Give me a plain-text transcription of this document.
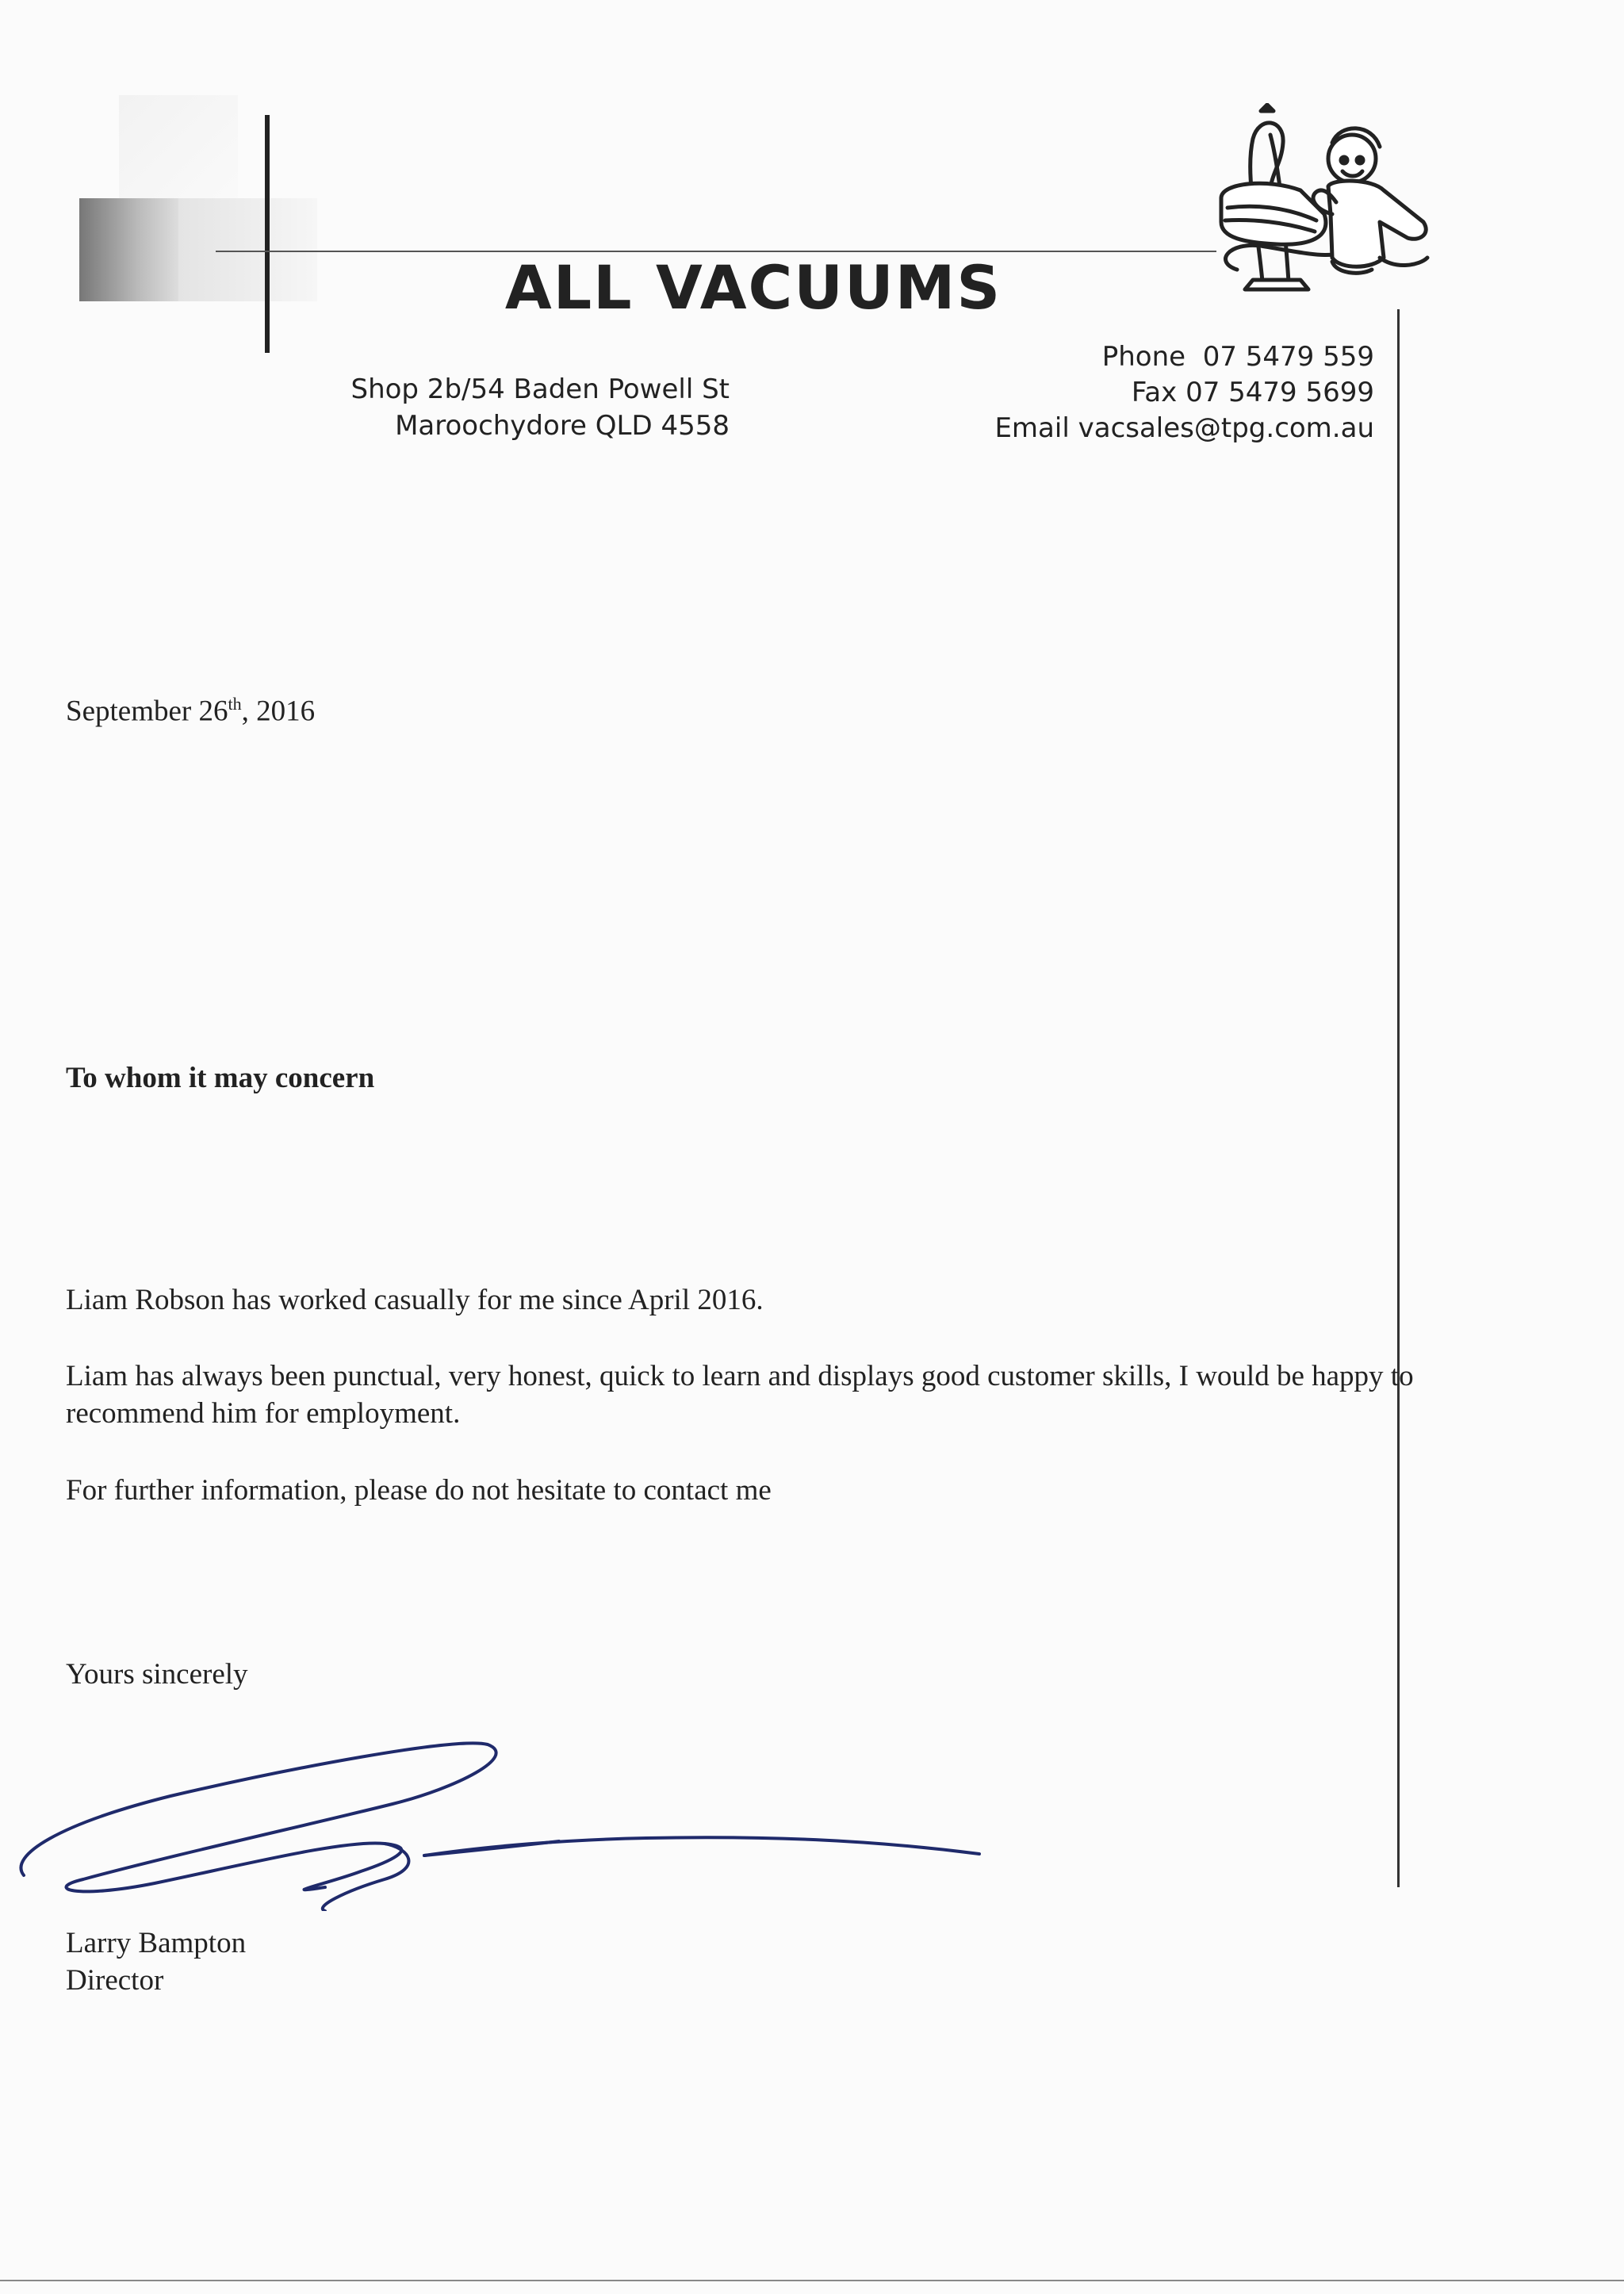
ALL VACUUMS
Shop 2b/54 Baden Powell St
Maroochydore QLD 4558
Phone 07 5479 559
Fax 07 5479 5699
Email vacsales@tpg.com.au
September 26th, 2016
To whom it may concern
Liam Robson has worked casually for me since April 2016.
Liam has always been punctual, very honest, quick to learn and displays good customer skills, I would be happy to recommend him for employment.
For further information, please do not hesitate to contact me
Yours sincerely
Larry Bampton
Director
